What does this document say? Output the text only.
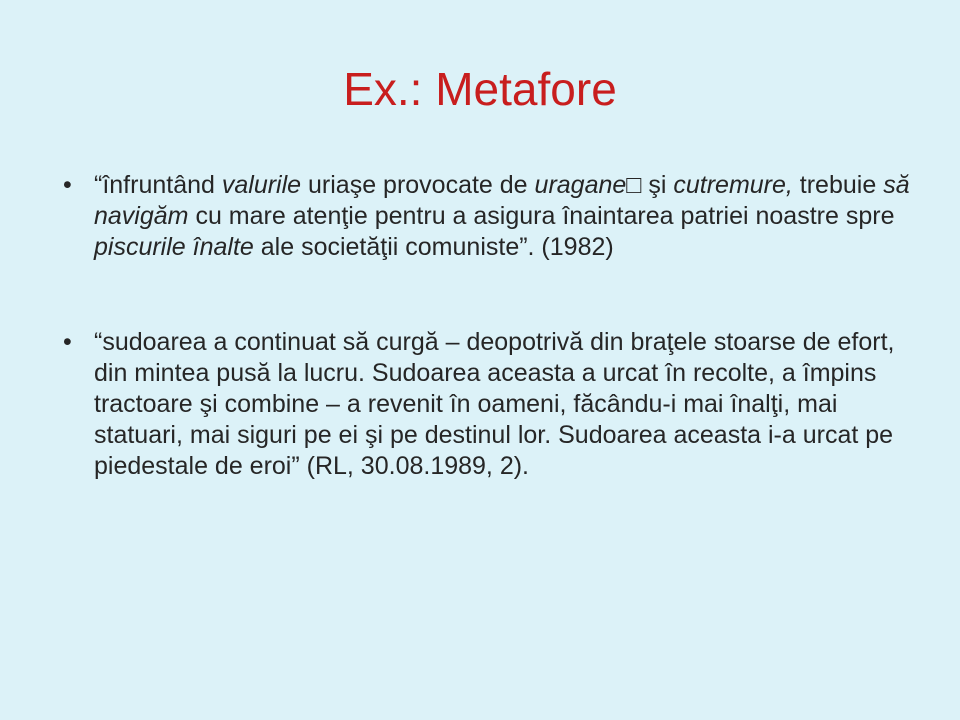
Ex.: Metafore
• “înfruntând valurile uriaşe provocate de uragane□ şi cutremure, trebuie să navigăm cu mare atenţie pentru a asigura înaintarea patriei noastre spre piscurile înalte ale societăţii comuniste”. (1982)
• “sudoarea a continuat să curgă – deopotrivă din braţele stoarse de efort, din mintea pusă la lucru. Sudoarea aceasta a urcat în recolte, a împins tractoare şi combine – a revenit în oameni, făcându-i mai înalţi, mai statuari, mai siguri pe ei şi pe destinul lor. Sudoarea aceasta i-a urcat pe piedestale de eroi” (RL, 30.08.1989, 2).
